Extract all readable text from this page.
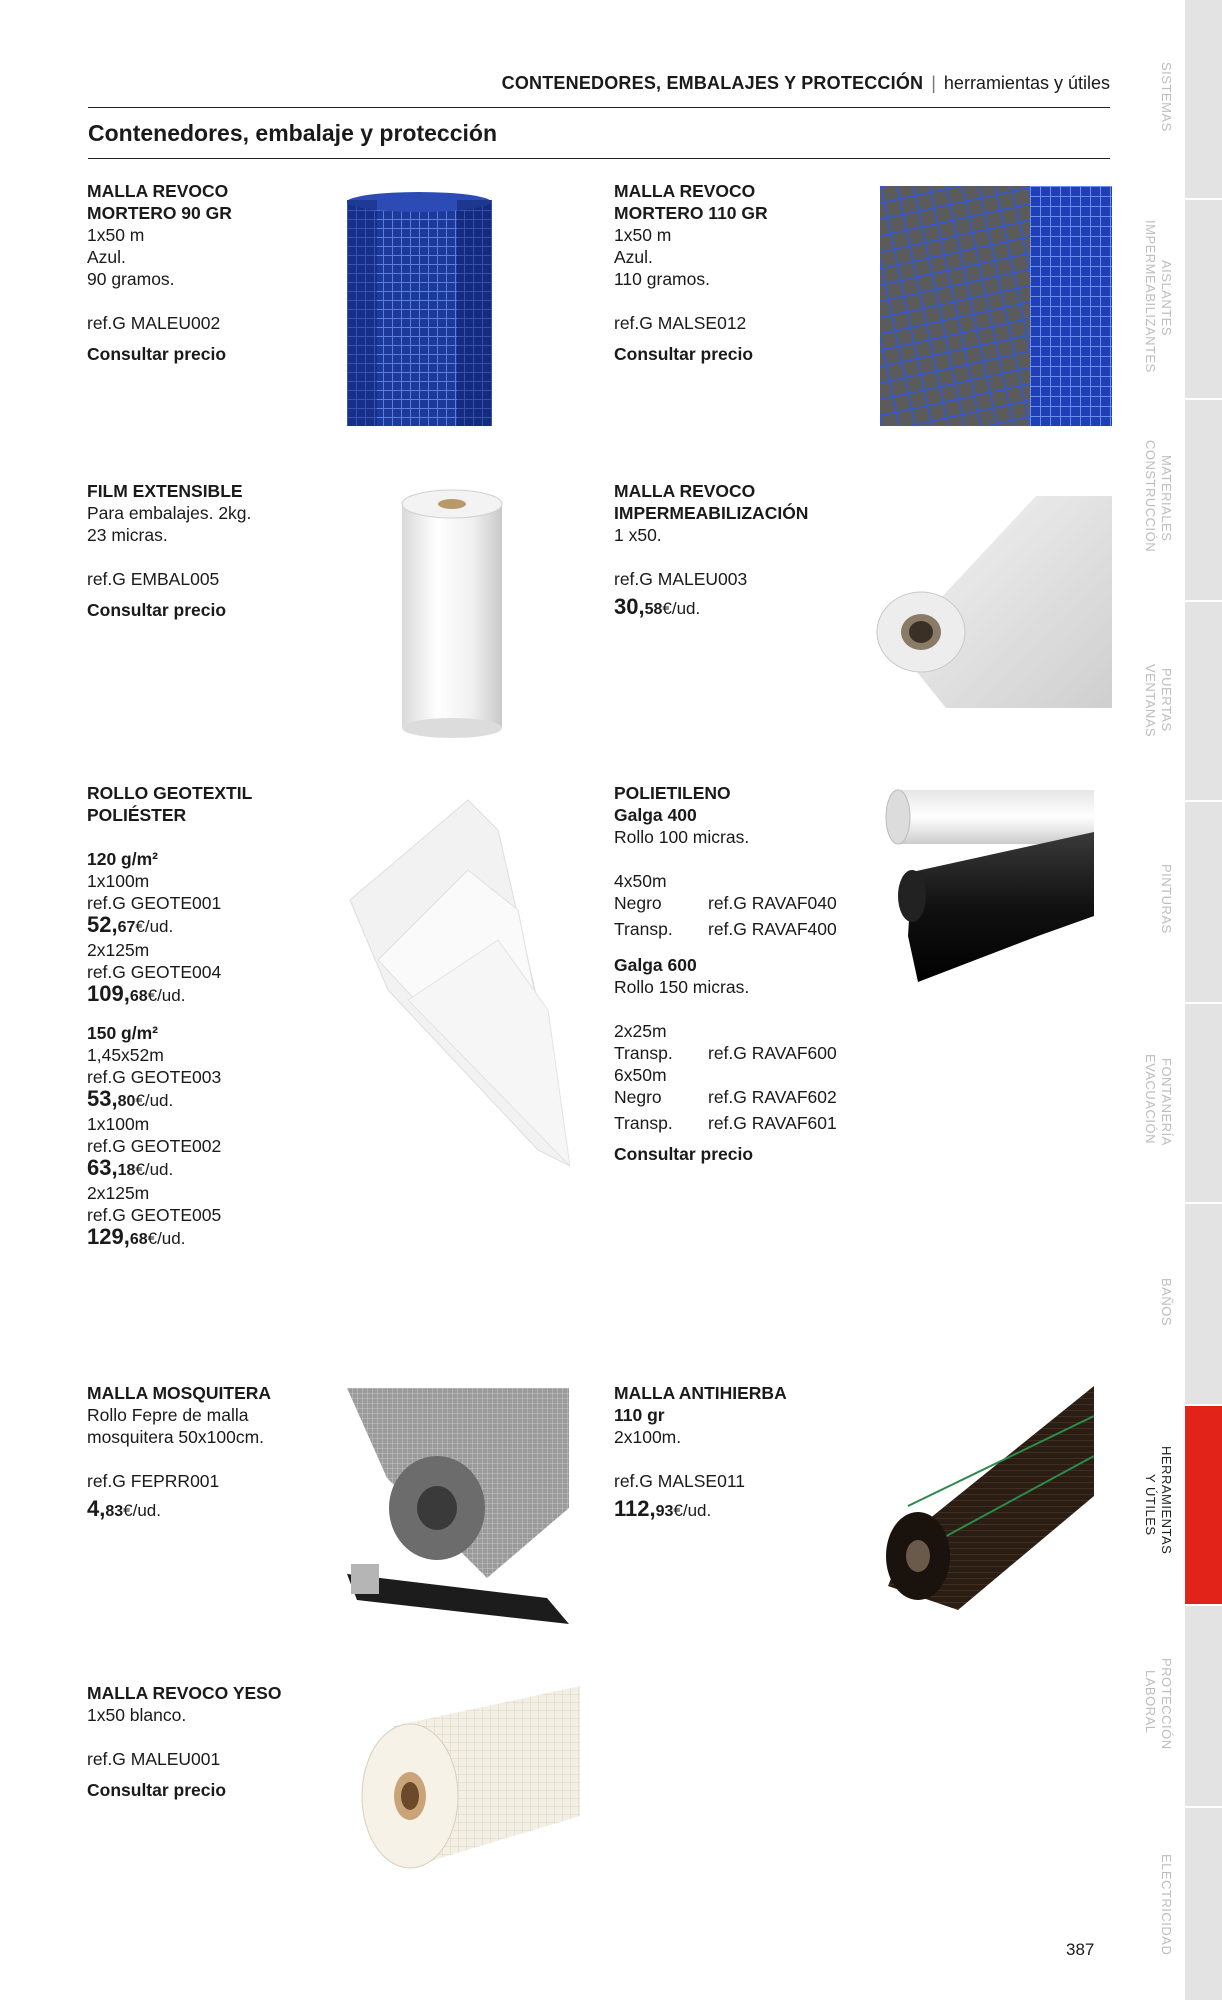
CONTENEDORES, EMBALAJES Y PROTECCIÓN | herramientas y útiles
Contenedores, embalaje y protección
MALLA REVOCO
MORTERO 90 GR
1x50 m
Azul.
90 gramos.
ref.G MALEU002
Consultar precio
MALLA REVOCO
MORTERO 110 GR
1x50 m
Azul.
110 gramos.
ref.G MALSE012
Consultar precio
FILM EXTENSIBLE
Para embalajes. 2kg.
23 micras.
ref.G EMBAL005
Consultar precio
MALLA REVOCO
IMPERMEABILIZACIÓN
1 x50.
ref.G MALEU003
30,58€/ud.
ROLLO GEOTEXTIL
POLIÉSTER
120 g/m²
1x100m
ref.G GEOTE001
52,67€/ud.
2x125m
ref.G GEOTE004
109,68€/ud.
150 g/m²
1,45x52m
ref.G GEOTE003
53,80€/ud.
1x100m
ref.G GEOTE002
63,18€/ud.
2x125m
ref.G GEOTE005
129,68€/ud.
POLIETILENO
Galga 400
Rollo 100 micras.
4x50m
Negro	ref.G RAVAF040
Transp.	ref.G RAVAF400
Galga 600
Rollo 150 micras.
2x25m
Transp.	ref.G RAVAF600
6x50m
Negro	ref.G RAVAF602
Transp.	ref.G RAVAF601
Consultar precio
MALLA MOSQUITERA
Rollo Fepre de malla
mosquitera 50x100cm.
ref.G FEPRR001
4,83€/ud.
MALLA ANTIHIERBA
110 gr
2x100m.
ref.G MALSE011
112,93€/ud.
MALLA REVOCO YESO
1x50 blanco.
ref.G MALEU001
Consultar precio
SISTEMAS
AISLANTES
IMPERMEABILIZANTES
MATERIALES
CONSTRUCCIÓN
PUERTAS
VENTANAS
PINTURAS
FONTANERÍA
EVACUACIÓN
BAÑOS
HERRAMIENTAS
Y ÚTILES
PROTECCIÓN
LABORAL
ELECTRICIDAD
387
